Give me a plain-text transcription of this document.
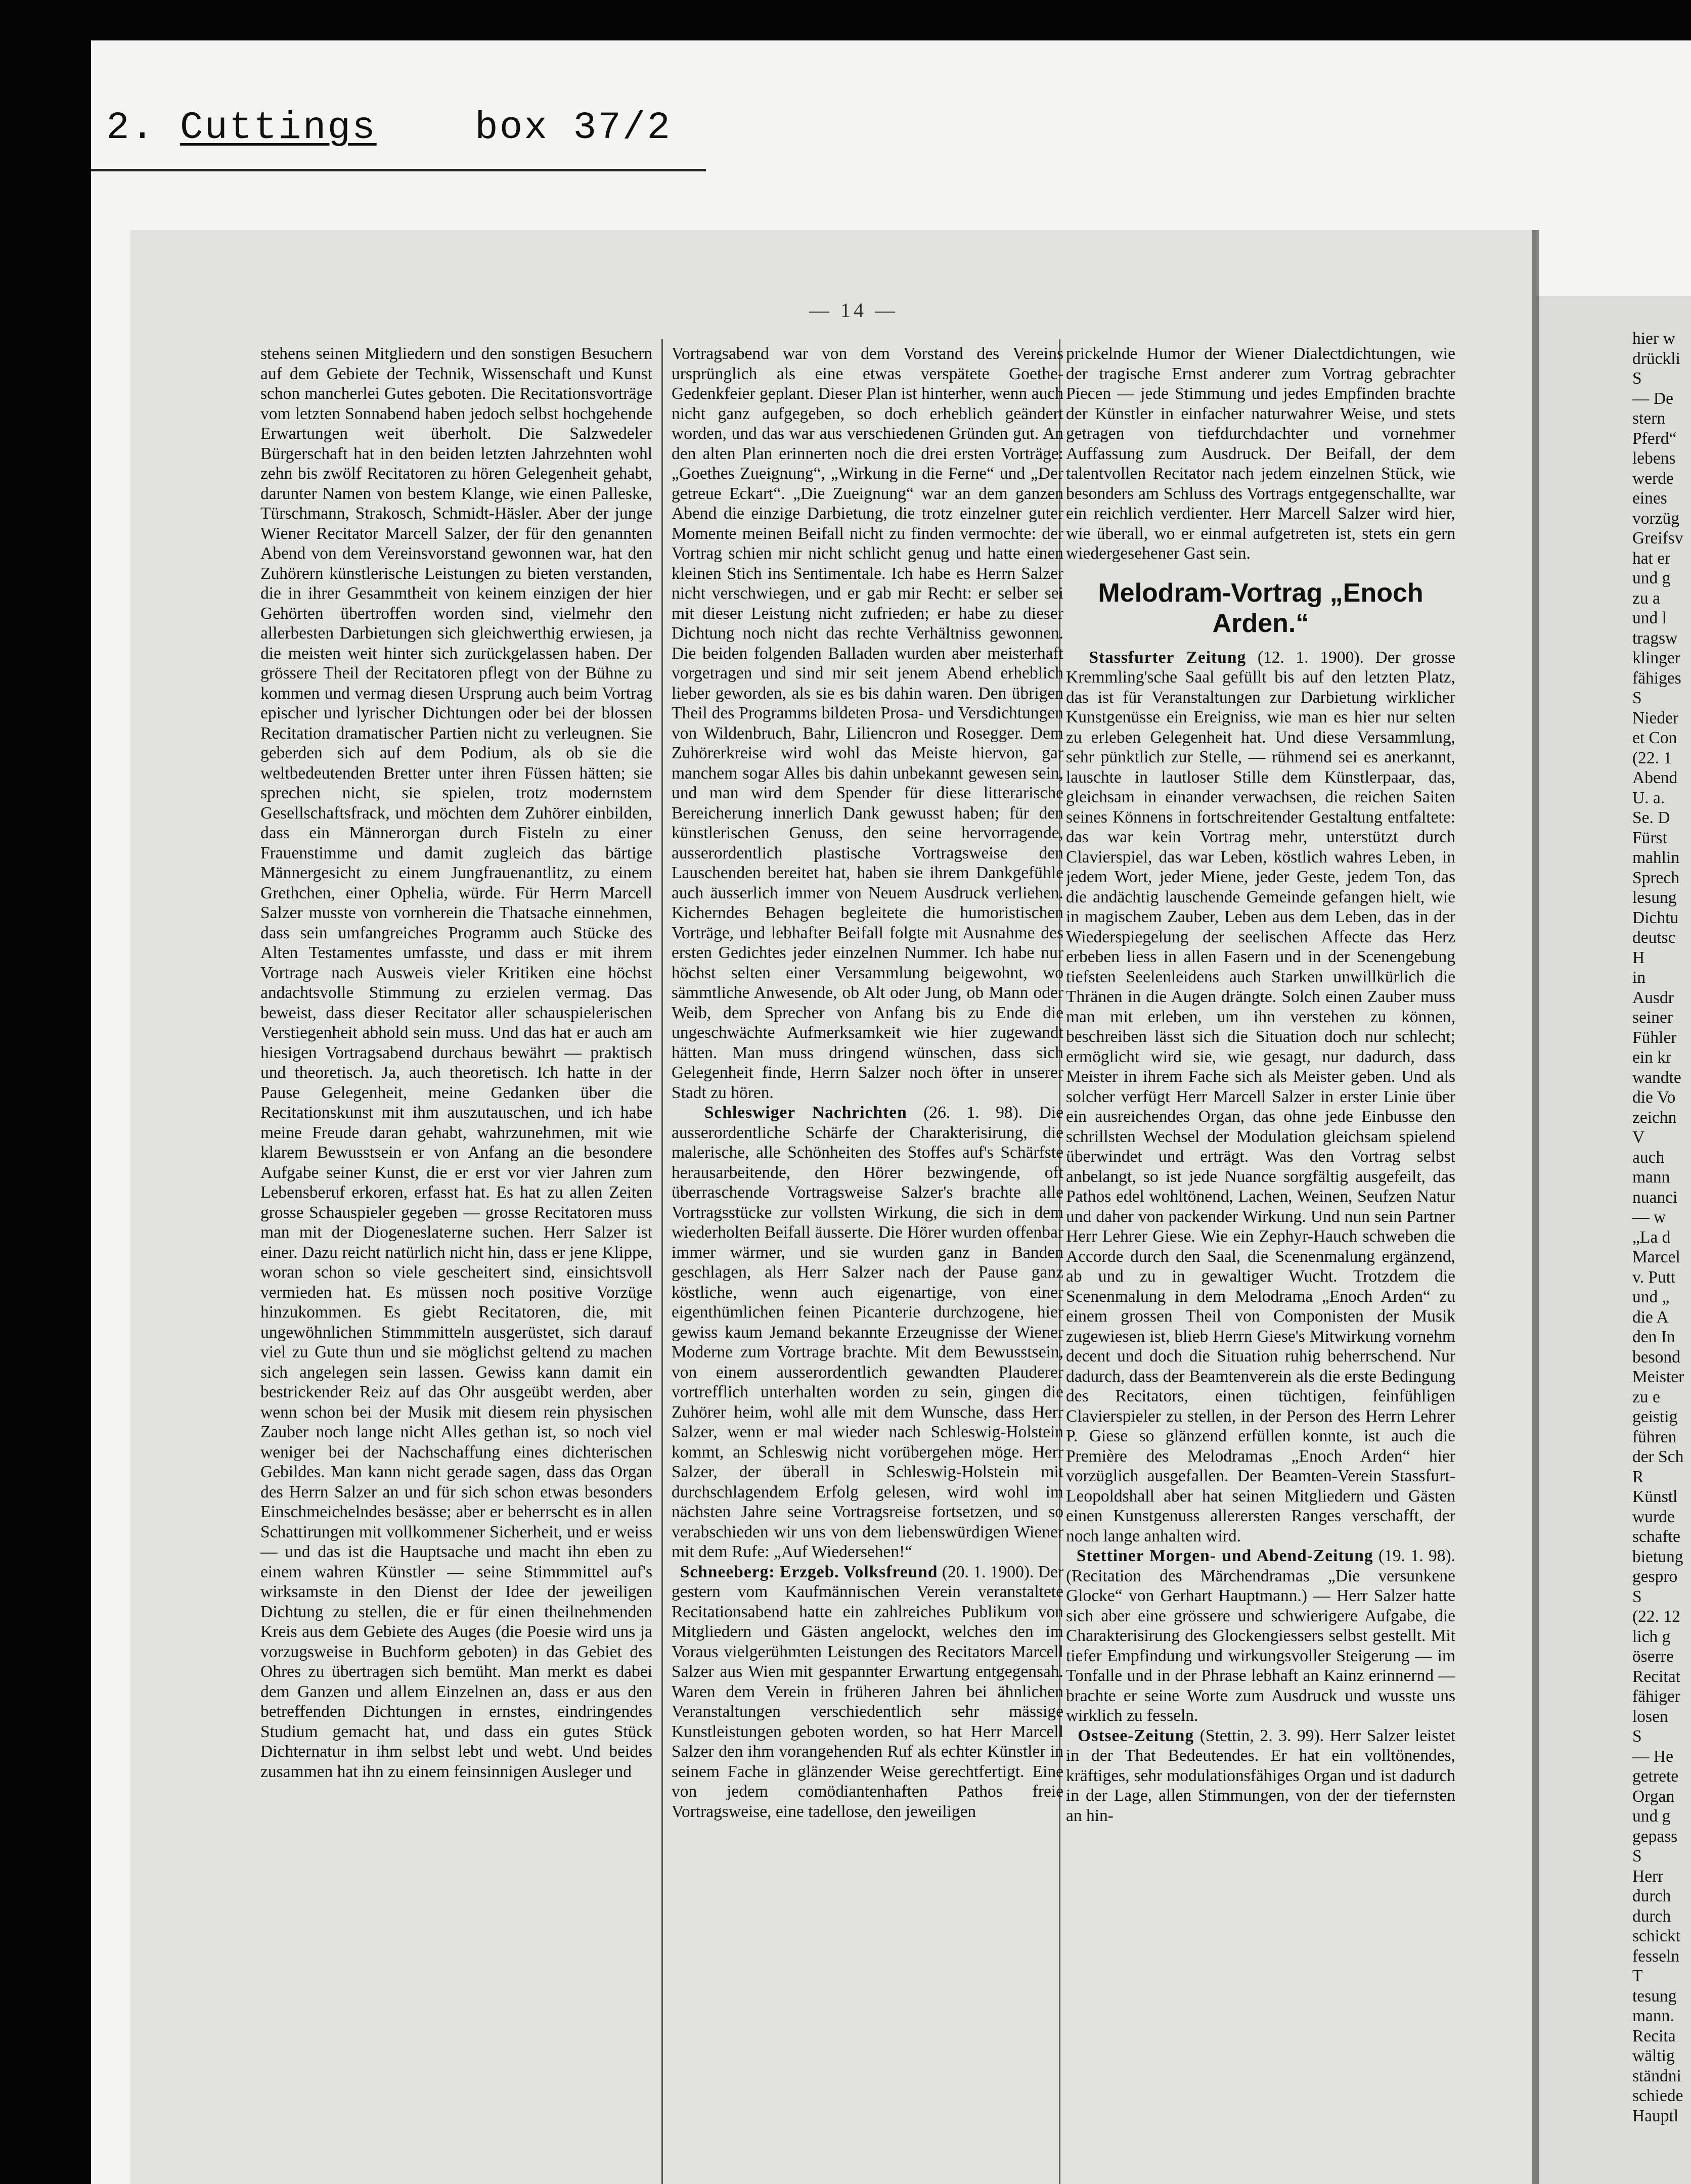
2. Cuttings	box 37/2
— 14 —

stehens seinen Mitgliedern und den sonstigen Besuchern auf dem Gebiete der Technik, Wissenschaft und Kunst schon mancherlei Gutes geboten. Die Recitationsvorträge vom letzten Sonnabend haben jedoch selbst hochgehende Erwartungen weit überholt. Die Salzwedeler Bürgerschaft hat in den beiden letzten Jahrzehnten wohl zehn bis zwölf Recitatoren zu hören Gelegenheit gehabt, darunter Namen von bestem Klange, wie einen Palleske, Türschmann, Strakosch, Schmidt-Häsler. Aber der junge Wiener Recitator Marcell Salzer, der für den genannten Abend von dem Vereinsvorstand gewonnen war, hat den Zuhörern künstlerische Leistungen zu bieten verstanden, die in ihrer Gesammtheit von keinem einzigen der hier Gehörten übertroffen worden sind, vielmehr den allerbesten Darbietungen sich gleichwerthig erwiesen, ja die meisten weit hinter sich zurückgelassen haben. Der grössere Theil der Recitatoren pflegt von der Bühne zu kommen und vermag diesen Ursprung auch beim Vortrag epischer und lyrischer Dichtungen oder bei der blossen Recitation dramatischer Partien nicht zu verleugnen. Sie geberden sich auf dem Podium, als ob sie die weltbedeutenden Bretter unter ihren Füssen hätten; sie sprechen nicht, sie spielen, trotz modernstem Gesellschaftsfrack, und möchten dem Zuhörer einbilden, dass ein Männerorgan durch Fisteln zu einer Frauenstimme und damit zugleich das bärtige Männergesicht zu einem Jungfrauenantlitz, zu einem Grethchen, einer Ophelia, würde. Für Herrn Marcell Salzer musste von vornherein die Thatsache einnehmen, dass sein umfangreiches Programm auch Stücke des Alten Testamentes umfasste, und dass er mit ihrem Vortrage nach Ausweis vieler Kritiken eine höchst andachtsvolle Stimmung zu erzielen vermag. Das beweist, dass dieser Recitator aller schauspielerischen Verstiegenheit abhold sein muss. Und das hat er auch am hiesigen Vortragsabend durchaus bewährt — praktisch und theoretisch. Ja, auch theoretisch. Ich hatte in der Pause Gelegenheit, meine Gedanken über die Recitationskunst mit ihm auszutauschen, und ich habe meine Freude daran gehabt, wahrzunehmen, mit wie klarem Bewusstsein er von Anfang an die besondere Aufgabe seiner Kunst, die er erst vor vier Jahren zum Lebensberuf erkoren, erfasst hat. Es hat zu allen Zeiten grosse Schauspieler gegeben — grosse Recitatoren muss man mit der Diogeneslaterne suchen. Herr Salzer ist einer. Dazu reicht natürlich nicht hin, dass er jene Klippe, woran schon so viele gescheitert sind, einsichtsvoll vermieden hat. Es müssen noch positive Vorzüge hinzukommen. Es giebt Recitatoren, die, mit ungewöhnlichen Stimmmitteln ausgerüstet, sich darauf viel zu Gute thun und sie möglichst geltend zu machen sich angelegen sein lassen. Gewiss kann damit ein bestrickender Reiz auf das Ohr ausgeübt werden, aber wenn schon bei der Musik mit diesem rein physischen Zauber noch lange nicht Alles gethan ist, so noch viel weniger bei der Nachschaffung eines dichterischen Gebildes. Man kann nicht gerade sagen, dass das Organ des Herrn Salzer an und für sich schon etwas besonders Einschmeichelndes besässe; aber er beherrscht es in allen Schattirungen mit vollkommener Sicherheit, und er weiss — und das ist die Hauptsache und macht ihn eben zu einem wahren Künstler — seine Stimmmittel auf's wirksamste in den Dienst der Idee der jeweiligen Dichtung zu stellen, die er für einen theilnehmenden Kreis aus dem Gebiete des Auges (die Poesie wird uns ja vorzugsweise in Buchform geboten) in das Gebiet des Ohres zu übertragen sich bemüht. Man merkt es dabei dem Ganzen und allem Einzelnen an, dass er aus den betreffenden Dichtungen in ernstes, eindringendes Studium gemacht hat, und dass ein gutes Stück Dichternatur in ihm selbst lebt und webt. Und beides zusammen hat ihn zu einem feinsinnigen Ausleger und

Vortragsabend war von dem Vorstand des Vereins ursprünglich als eine etwas verspätete Goethe-Gedenkfeier geplant. Dieser Plan ist hinterher, wenn auch nicht ganz aufgegeben, so doch erheblich geändert worden, und das war aus verschiedenen Gründen gut. An den alten Plan erinnerten noch die drei ersten Vorträge: „Goethes Zueignung“, „Wirkung in die Ferne“ und „Der getreue Eckart“. „Die Zueignung“ war an dem ganzen Abend die einzige Darbietung, die trotz einzelner guter Momente meinen Beifall nicht zu finden vermochte: der Vortrag schien mir nicht schlicht genug und hatte einen kleinen Stich ins Sentimentale. Ich habe es Herrn Salzer nicht verschwiegen, und er gab mir Recht: er selber sei mit dieser Leistung nicht zufrieden; er habe zu dieser Dichtung noch nicht das rechte Verhältniss gewonnen. Die beiden folgenden Balladen wurden aber meisterhaft vorgetragen und sind mir seit jenem Abend erheblich lieber geworden, als sie es bis dahin waren. Den übrigen Theil des Programms bildeten Prosa- und Versdichtungen von Wildenbruch, Bahr, Liliencron und Rosegger. Dem Zuhörerkreise wird wohl das Meiste hiervon, gar manchem sogar Alles bis dahin unbekannt gewesen sein, und man wird dem Spender für diese litterarische Bereicherung innerlich Dank gewusst haben; für den künstlerischen Genuss, den seine hervorragende, ausserordentlich plastische Vortragsweise den Lauschenden bereitet hat, haben sie ihrem Dankgefühle auch äusserlich immer von Neuem Ausdruck verliehen. Kicherndes Behagen begleitete die humoristischen Vorträge, und lebhafter Beifall folgte mit Ausnahme des ersten Gedichtes jeder einzelnen Nummer. Ich habe nur höchst selten einer Versammlung beigewohnt, wo sämmtliche Anwesende, ob Alt oder Jung, ob Mann oder Weib, dem Sprecher von Anfang bis zu Ende die ungeschwächte Aufmerksamkeit wie hier zugewandt hätten. Man muss dringend wünschen, dass sich Gelegenheit finde, Herrn Salzer noch öfter in unserer Stadt zu hören.

Schleswiger Nachrichten (26. 1. 98). Die ausserordentliche Schärfe der Charakterisirung, die malerische, alle Schönheiten des Stoffes auf's Schärfste herausarbeitende, den Hörer bezwingende, oft überraschende Vortragsweise Salzer's brachte alle Vortragsstücke zur vollsten Wirkung, die sich in dem wiederholten Beifall äusserte. Die Hörer wurden offenbar immer wärmer, und sie wurden ganz in Banden geschlagen, als Herr Salzer nach der Pause ganz köstliche, wenn auch eigenartige, von einer eigenthümlichen feinen Picanterie durchzogene, hier gewiss kaum Jemand bekannte Erzeugnisse der Wiener Moderne zum Vortrage brachte. Mit dem Bewusstsein, von einem ausserordentlich gewandten Plauderer vortrefflich unterhalten worden zu sein, gingen die Zuhörer heim, wohl alle mit dem Wunsche, dass Herr Salzer, wenn er mal wieder nach Schleswig-Holstein kommt, an Schleswig nicht vorübergehen möge. Herr Salzer, der überall in Schleswig-Holstein mit durchschlagendem Erfolg gelesen, wird wohl im nächsten Jahre seine Vortragsreise fortsetzen, und so verabschieden wir uns von dem liebenswürdigen Wiener mit dem Rufe: „Auf Wiedersehen!“

Schneeberg: Erzgeb. Volksfreund (20. 1. 1900). Der gestern vom Kaufmännischen Verein veranstaltete Recitationsabend hatte ein zahlreiches Publikum von Mitgliedern und Gästen angelockt, welches den im Voraus vielgerühmten Leistungen des Recitators Marcell Salzer aus Wien mit gespannter Erwartung entgegensah. Waren dem Verein in früheren Jahren bei ähnlichen Veranstaltungen verschiedentlich sehr mässige Kunstleistungen geboten worden, so hat Herr Marcell Salzer den ihm vorangehenden Ruf als echter Künstler in seinem Fache in glänzender Weise gerechtfertigt. Eine von jedem comödiantenhaften Pathos freie Vortragsweise, eine tadellose, den jeweiligen

prickelnde Humor der Wiener Dialectdichtungen, wie der tragische Ernst anderer zum Vortrag gebrachter Piecen — jede Stimmung und jedes Empfinden brachte der Künstler in einfacher naturwahrer Weise, und stets getragen von tiefdurchdachter und vornehmer Auffassung zum Ausdruck. Der Beifall, der dem talentvollen Recitator nach jedem einzelnen Stück, wie besonders am Schluss des Vortrags entgegenschallte, war ein reichlich verdienter. Herr Marcell Salzer wird hier, wie überall, wo er einmal aufgetreten ist, stets ein gern wiedergesehener Gast sein.

Melodram-Vortrag „Enoch Arden.“

Stassfurter Zeitung (12. 1. 1900). Der grosse Kremmling'sche Saal gefüllt bis auf den letzten Platz, das ist für Veranstaltungen zur Darbietung wirklicher Kunstgenüsse ein Ereigniss, wie man es hier nur selten zu erleben Gelegenheit hat. Und diese Versammlung, sehr pünktlich zur Stelle, — rühmend sei es anerkannt, lauschte in lautloser Stille dem Künstlerpaar, das, gleichsam in einander verwachsen, die reichen Saiten seines Könnens in fortschreitender Gestaltung entfaltete: das war kein Vortrag mehr, unterstützt durch Clavierspiel, das war Leben, köstlich wahres Leben, in jedem Wort, jeder Miene, jeder Geste, jedem Ton, das die andächtig lauschende Gemeinde gefangen hielt, wie in magischem Zauber, Leben aus dem Leben, das in der Wiederspiegelung der seelischen Affecte das Herz erbeben liess in allen Fasern und in der Scenengebung tiefsten Seelenleidens auch Starken unwillkürlich die Thränen in die Augen drängte. Solch einen Zauber muss man mit erleben, um ihn verstehen zu können, beschreiben lässt sich die Situation doch nur schlecht; ermöglicht wird sie, wie gesagt, nur dadurch, dass Meister in ihrem Fache sich als Meister geben. Und als solcher verfügt Herr Marcell Salzer in erster Linie über ein ausreichendes Organ, das ohne jede Einbusse den schrillsten Wechsel der Modulation gleichsam spielend überwindet und erträgt. Was den Vortrag selbst anbelangt, so ist jede Nuance sorgfältig ausgefeilt, das Pathos edel wohltönend, Lachen, Weinen, Seufzen Natur und daher von packender Wirkung. Und nun sein Partner Herr Lehrer Giese. Wie ein Zephyr-Hauch schweben die Accorde durch den Saal, die Scenenmalung ergänzend, ab und zu in gewaltiger Wucht. Trotzdem die Scenenmalung in dem Melodrama „Enoch Arden“ zu einem grossen Theil von Componisten der Musik zugewiesen ist, blieb Herrn Giese's Mitwirkung vornehm decent und doch die Situation ruhig beherrschend. Nur dadurch, dass der Beamtenverein als die erste Bedingung des Recitators, einen tüchtigen, feinfühligen Clavierspieler zu stellen, in der Person des Herrn Lehrer P. Giese so glänzend erfüllen konnte, ist auch die Première des Melodramas „Enoch Arden“ hier vorzüglich ausgefallen. Der Beamten-Verein Stassfurt-Leopoldshall aber hat seinen Mitgliedern und Gästen einen Kunstgenuss allerersten Ranges verschafft, der noch lange anhalten wird.

Stettiner Morgen- und Abend-Zeitung (19. 1. 98). (Recitation des Märchendramas „Die versunkene Glocke“ von Gerhart Hauptmann.) — Herr Salzer hatte sich aber eine grössere und schwierigere Aufgabe, die Charakterisirung des Glockengiessers selbst gestellt. Mit tiefer Empfindung und wirkungsvoller Steigerung — im Tonfalle und in der Phrase lebhaft an Kainz erinnernd — brachte er seine Worte zum Ausdruck und wusste uns wirklich zu fesseln.

Ostsee-Zeitung (Stettin, 2. 3. 99). Herr Salzer leistet in der That Bedeutendes. Er hat ein volltönendes, kräftiges, sehr modulationsfähiges Organ und ist dadurch in der Lage, allen Stimmungen, von der der tiefernsten an hin-

hier w
drückli
S
— De
stern
Pferd“
lebens
werde
eines
vorzüg
Greifsv
hat er
und g
zu a
und l
tragsw
klinger
fähiges
S
Nieder
et Con
(22. 1
Abend
U. a.
Se. D
Fürst
mahlin
Sprech
lesung
Dichtu
deutsc
H
in
Ausdr
seiner
Fühler
ein kr
wandte
die Vo
zeichn
V
auch
mann
nuanci
— w
„La d
Marcel
v. Putt
und „
die A
den In
besond
Meister
zu e
geistig
führen
der Sch
R
Künstl
wurde
schafte
bietung
gespro
S
(22. 12
lich g
öserre
Recitat
fähiger
losen
S
— He
getrete
Organ
und g
gepass
S
Herr
durch
durch
schickt
fesseln
T
tesung
mann.
Recita
wältig
ständni
schiede
Hauptl
